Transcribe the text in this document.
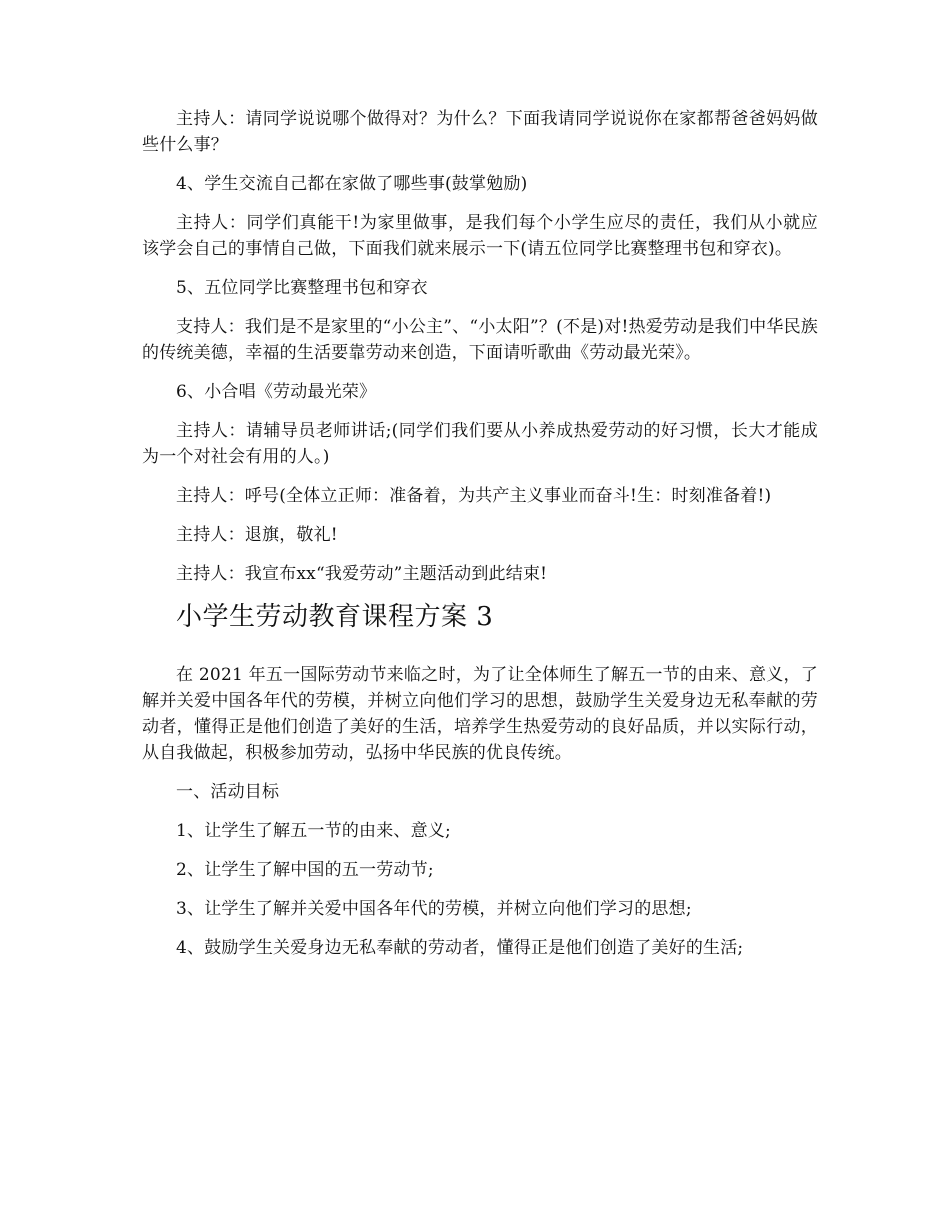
主持人：请同学说说哪个做得对？为什么？下面我请同学说说你在家都帮爸爸妈妈做些什么事？

4、学生交流自己都在家做了哪些事(鼓掌勉励)

主持人：同学们真能干!为家里做事，是我们每个小学生应尽的责任，我们从小就应该学会自己的事情自己做，下面我们就来展示一下(请五位同学比赛整理书包和穿衣)。

5、五位同学比赛整理书包和穿衣

支持人：我们是不是家里的“小公主”、“小太阳”？(不是)对!热爱劳动是我们中华民族的传统美德，幸福的生活要靠劳动来创造，下面请听歌曲《劳动最光荣》。

6、小合唱《劳动最光荣》

主持人：请辅导员老师讲话;(同学们我们要从小养成热爱劳动的好习惯，长大才能成为一个对社会有用的人。)

主持人：呼号(全体立正师：准备着，为共产主义事业而奋斗!生：时刻准备着!)

主持人：退旗，敬礼!

主持人：我宣布xx“我爱劳动”主题活动到此结束!

小学生劳动教育课程方案 3

在 2021 年五一国际劳动节来临之时，为了让全体师生了解五一节的由来、意义，了解并关爱中国各年代的劳模，并树立向他们学习的思想，鼓励学生关爱身边无私奉献的劳动者，懂得正是他们创造了美好的生活，培养学生热爱劳动的良好品质，并以实际行动，从自我做起，积极参加劳动，弘扬中华民族的优良传统。

一、活动目标

1、让学生了解五一节的由来、意义;

2、让学生了解中国的五一劳动节;

3、让学生了解并关爱中国各年代的劳模，并树立向他们学习的思想;

4、鼓励学生关爱身边无私奉献的劳动者，懂得正是他们创造了美好的生活;
